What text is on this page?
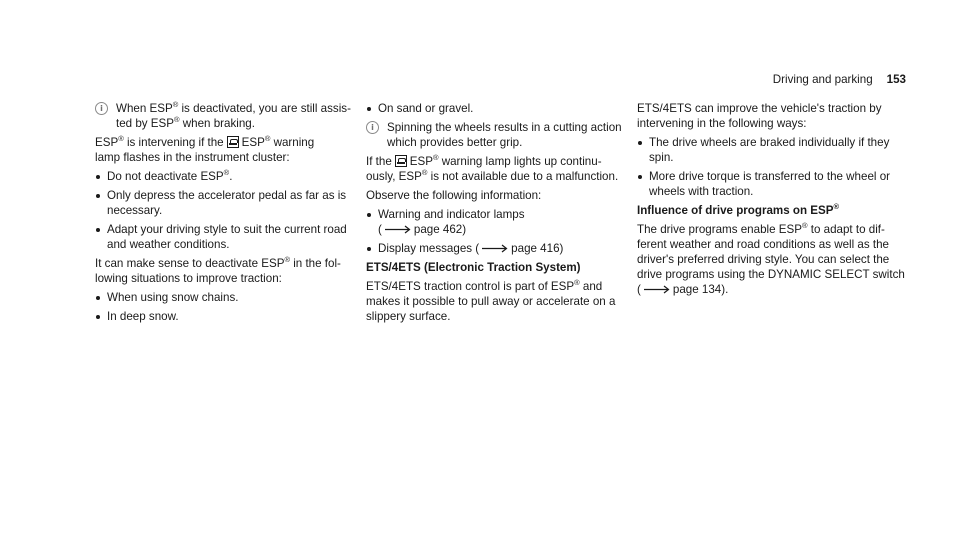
Driving and parking 153
i	When ESP® is deactivated, you are still assis-
ted by ESP® when braking.

ESP® is intervening if the ESP® warning
lamp flashes in the instrument cluster:

Do not deactivate ESP®.
Only depress the accelerator pedal as far as is necessary.
Adapt your driving style to suit the current road and weather conditions.

It can make sense to deactivate ESP® in the fol-
lowing situations to improve traction:

When using snow chains.
In deep snow.
On sand or gravel.
i	Spinning the wheels results in a cutting action which provides better grip.

If the ESP® warning lamp lights up continu-
ously, ESP® is not available due to a malfunction.

Observe the following information:

Warning and indicator lamps
(	page 462)
Display messages (	page 416)

ETS/4ETS (Electronic Traction System)

ETS/4ETS traction control is part of ESP® and makes it possible to pull away or accelerate on a slippery surface.

ETS/4ETS can improve the vehicle's traction by intervening in the following ways:

The drive wheels are braked individually if they spin.
More drive torque is transferred to the wheel or wheels with traction.

Influence of drive programs on ESP®

The drive programs enable ESP® to adapt to dif- ferent weather and road conditions as well as the driver's preferred driving style. You can select the drive programs using the DYNAMIC SELECT switch (	page 134).
